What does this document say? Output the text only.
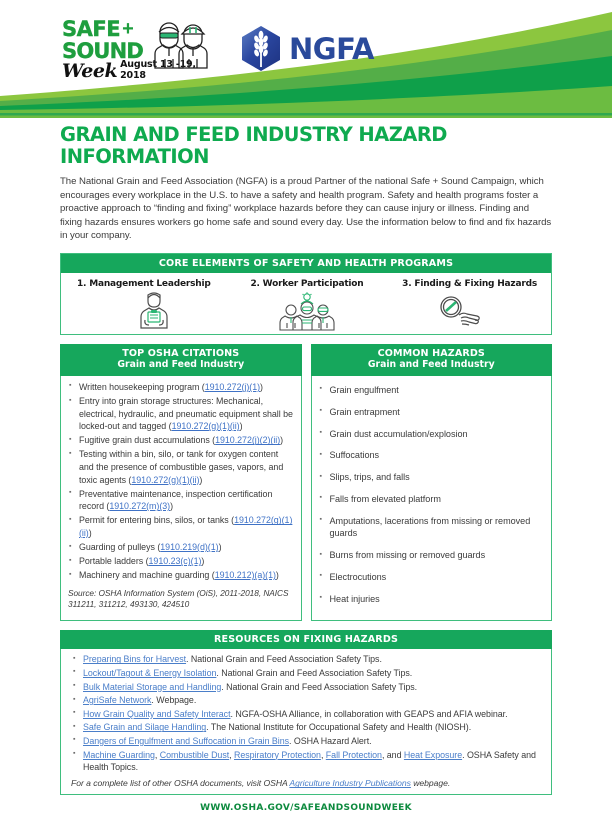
SAFE +
SOUND
Week August 13 -19, 2018
NGFA
GRAIN AND FEED INDUSTRY HAZARD INFORMATION

The National Grain and Feed Association (NGFA) is a proud Partner of the national Safe + Sound Campaign, which encourages every workplace in the U.S. to have a safety and health program. Safety and health programs foster a proactive approach to “finding and fixing” workplace hazards before they can cause injury or illness. Finding and fixing hazards ensures workers go home safe and sound every day. Use the information below to find and fix hazards in your company.

CORE ELEMENTS OF SAFETY AND HEALTH PROGRAMS
1. Management Leadership	2. Worker Participation	3. Finding & Fixing Hazards
TOP OSHA CITATIONS
Grain and Feed Industry
▪ Written housekeeping program (1910.272(j)(1))
▪ Entry into grain storage structures: Mechanical, electrical, hydraulic, and pneumatic equipment shall be locked-out and tagged (1910.272(g)(1)(ii))
▪ Fugitive grain dust accumulations (1910.272(j)(2)(ii))
▪ Testing within a bin, silo, or tank for oxygen content and the presence of combustible gases, vapors, and toxic agents (1910.272(g)(1)(ii))
▪ Preventative maintenance, inspection certification record (1910.272(m)(3))
▪ Permit for entering bins, silos, or tanks (1910.272(g)(1)(ii))
▪ Guarding of pulleys (1910.219(d)(1))
▪ Portable ladders (1910.23(c)(1))
▪ Machinery and machine guarding (1910.212)(a)(1))
Source: OSHA Information System (OiS), 2011-2018, NAICS 311211, 311212, 493130, 424510
COMMON HAZARDS
Grain and Feed Industry
▪ Grain engulfment
▪ Grain entrapment
▪ Grain dust accumulation/explosion
▪ Suffocations
▪ Slips, trips, and falls
▪ Falls from elevated platform
▪ Amputations, lacerations from missing or removed guards
▪ Burns from missing or removed guards
▪ Electrocutions
▪ Heat injuries
RESOURCES ON FIXING HAZARDS
▪ Preparing Bins for Harvest. National Grain and Feed Association Safety Tips.
▪ Lockout/Tagout & Energy Isolation. National Grain and Feed Association Safety Tips.
▪ Bulk Material Storage and Handling. National Grain and Feed Association Safety Tips.
▪ AgriSafe Network. Webpage.
▪ How Grain Quality and Safety Interact. NGFA-OSHA Alliance, in collaboration with GEAPS and AFIA webinar.
▪ Safe Grain and Silage Handling. The National Institute for Occupational Safety and Health (NIOSH).
▪ Dangers of Engulfment and Suffocation in Grain Bins. OSHA Hazard Alert.
▪ Machine Guarding, Combustible Dust, Respiratory Protection, Fall Protection, and Heat Exposure. OSHA Safety and Health Topics.
For a complete list of other OSHA documents, visit OSHA Agriculture Industry Publications webpage.
WWW.OSHA.GOV/SAFEANDSOUNDWEEK
